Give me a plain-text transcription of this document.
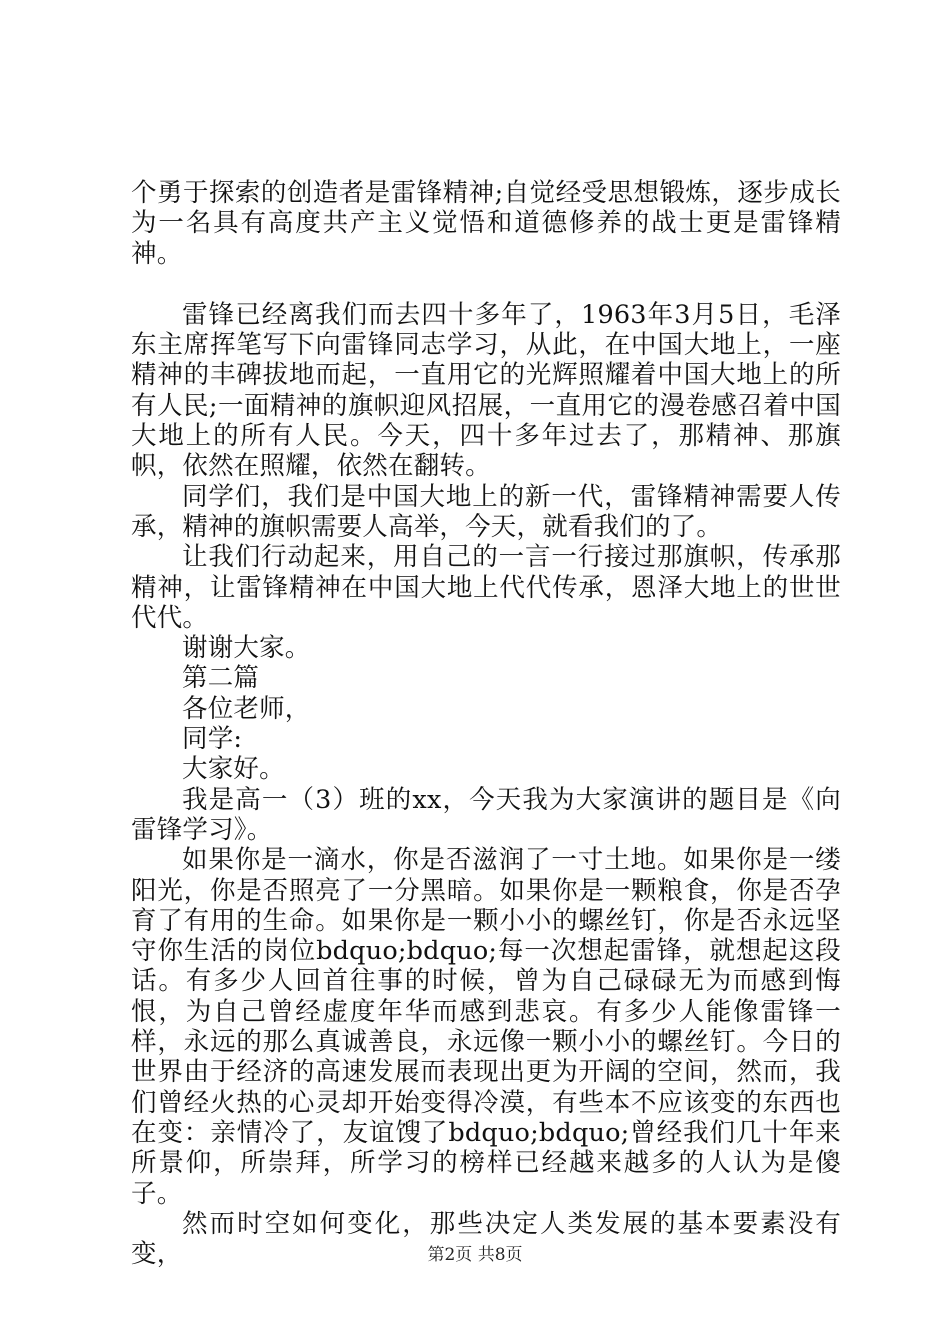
个勇于探索的创造者是雷锋精神;自觉经受思想锻炼，逐步成长为一名具有高度共产主义觉悟和道德修养的战士更是雷锋精神。

雷锋已经离我们而去四十多年了，1963年3月5日，毛泽东主席挥笔写下向雷锋同志学习，从此，在中国大地上，一座精神的丰碑拔地而起，一直用它的光辉照耀着中国大地上的所有人民;一面精神的旗帜迎风招展，一直用它的漫卷感召着中国大地上的所有人民。今天，四十多年过去了，那精神、那旗帜，依然在照耀，依然在翻转。

同学们，我们是中国大地上的新一代，雷锋精神需要人传承，精神的旗帜需要人高举，今天，就看我们的了。

让我们行动起来，用自己的一言一行接过那旗帜，传承那精神，让雷锋精神在中国大地上代代传承，恩泽大地上的世世代代。

谢谢大家。

第二篇

各位老师，

同学:

大家好。

我是高一（3）班的xx，今天我为大家演讲的题目是《向雷锋学习》。

如果你是一滴水，你是否滋润了一寸土地。如果你是一缕阳光，你是否照亮了一分黑暗。如果你是一颗粮食，你是否孕育了有用的生命。如果你是一颗小小的螺丝钉，你是否永远坚守你生活的岗位bdquo;bdquo;每一次想起雷锋，就想起这段话。有多少人回首往事的时候，曾为自己碌碌无为而感到悔恨，为自己曾经虚度年华而感到悲哀。有多少人能像雷锋一样，永远的那么真诚善良，永远像一颗小小的螺丝钉。今日的世界由于经济的高速发展而表现出更为开阔的空间，然而，我们曾经火热的心灵却开始变得冷漠，有些本不应该变的东西也在变：亲情冷了，友谊馊了bdquo;bdquo;曾经我们几十年来所景仰，所崇拜，所学习的榜样已经越来越多的人认为是傻子。

然而时空如何变化，那些决定人类发展的基本要素没有变，	第2页 共8页
